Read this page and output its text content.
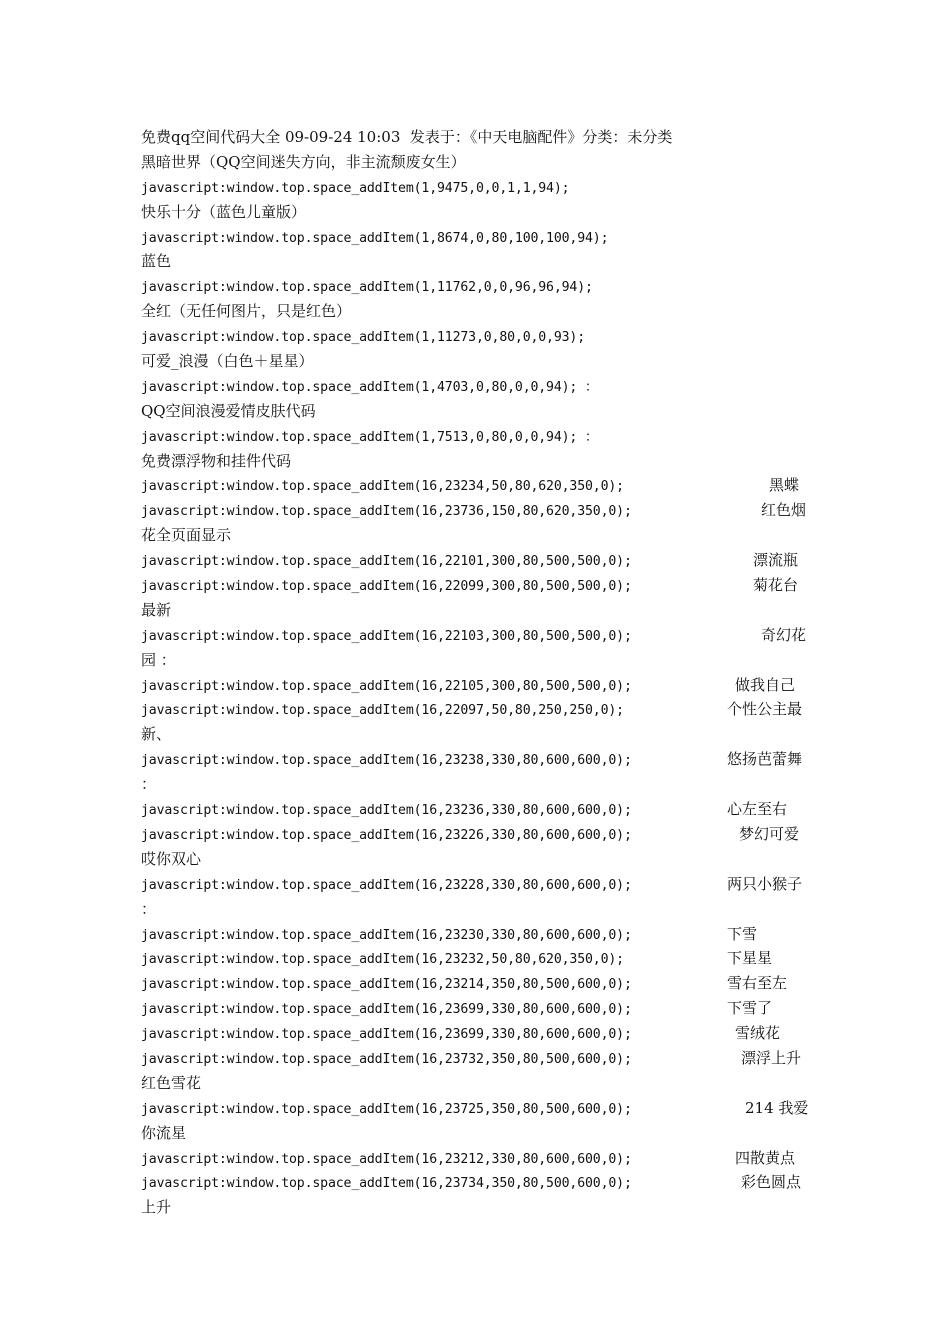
免费qq空间代码大全 09-09-24 10:03  发表于：《中天电脑配件》分类：未分类
黑暗世界（QQ空间迷失方向，非主流颓废女生）
javascript:window.top.space_addItem(1,9475,0,0,1,1,94);
快乐十分（蓝色儿童版）
javascript:window.top.space_addItem(1,8674,0,80,100,100,94);
蓝色
javascript:window.top.space_addItem(1,11762,0,0,96,96,94);
全红（无任何图片，只是红色）
javascript:window.top.space_addItem(1,11273,0,80,0,0,93);
可爱_浪漫（白色＋星星）
javascript:window.top.space_addItem(1,4703,0,80,0,0,94); ：
QQ空间浪漫爱情皮肤代码
javascript:window.top.space_addItem(1,7513,0,80,0,0,94); ：
免费漂浮物和挂件代码
javascript:window.top.space_addItem(16,23234,50,80,620,350,0);	黑蝶
javascript:window.top.space_addItem(16,23736,150,80,620,350,0);	红色烟
花全页面显示
javascript:window.top.space_addItem(16,22101,300,80,500,500,0);	漂流瓶
javascript:window.top.space_addItem(16,22099,300,80,500,500,0);	菊花台
最新
javascript:window.top.space_addItem(16,22103,300,80,500,500,0);	奇幻花
园 ：
javascript:window.top.space_addItem(16,22105,300,80,500,500,0);	做我自己
javascript:window.top.space_addItem(16,22097,50,80,250,250,0);	个性公主最
新、
javascript:window.top.space_addItem(16,23238,330,80,600,600,0);	悠扬芭蕾舞
：
javascript:window.top.space_addItem(16,23236,330,80,600,600,0);	心左至右
javascript:window.top.space_addItem(16,23226,330,80,600,600,0);	梦幻可爱
哎你双心
javascript:window.top.space_addItem(16,23228,330,80,600,600,0);	两只小猴子
：
javascript:window.top.space_addItem(16,23230,330,80,600,600,0);	下雪
javascript:window.top.space_addItem(16,23232,50,80,620,350,0);	下星星
javascript:window.top.space_addItem(16,23214,350,80,500,600,0);	雪右至左
javascript:window.top.space_addItem(16,23699,330,80,600,600,0);	下雪了
javascript:window.top.space_addItem(16,23699,330,80,600,600,0);	雪绒花
javascript:window.top.space_addItem(16,23732,350,80,500,600,0);	漂浮上升
红色雪花
javascript:window.top.space_addItem(16,23725,350,80,500,600,0);	214 我爱
你流星
javascript:window.top.space_addItem(16,23212,330,80,600,600,0);	四散黄点
javascript:window.top.space_addItem(16,23734,350,80,500,600,0);	彩色圆点
上升
